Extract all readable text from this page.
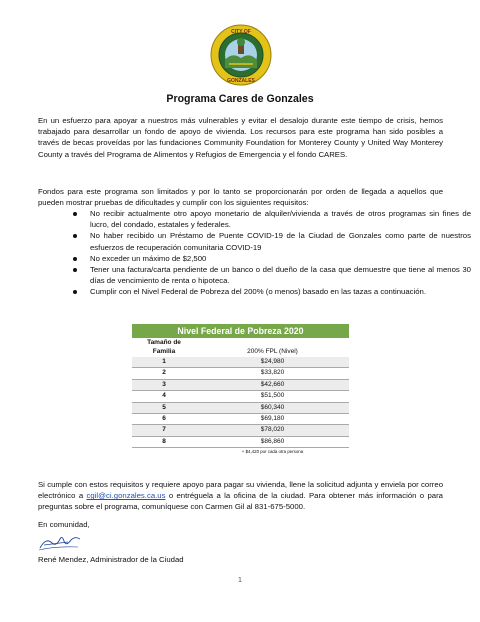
CITY OF
GONZALES
Programa Cares de Gonzales

En un esfuerzo para apoyar a nuestros más vulnerables y evitar el desalojo durante este tiempo de crisis, hemos trabajado para desarrollar un fondo de apoyo de vivienda. Los recursos para este programa han sido posibles a través de becas proveídas por las fundaciones Community Foundation for Monterey County y United Way Monterey County a través del Programa de Alimentos y Refugios de Emergencia y el fondo CARES.

Fondos para este programa son limitados y por lo tanto se proporcionarán por orden de llegada a aquellos que pueden mostrar pruebas de dificultades y cumplir con los siguientes requisitos:

No recibir actualmente otro apoyo monetario de alquiler/vivienda a través de otros programas sin fines de lucro, del condado, estatales y federales.
No haber recibido un Préstamo de Puente COVID-19 de la Ciudad de Gonzales como parte de nuestros esfuerzos de recuperación comunitaria COVID-19
No exceder un máximo de $2,500
Tener una factura/carta pendiente de un banco o del dueño de la casa que demuestre que tiene al menos 30 días de vencimiento de renta o hipoteca.
Cumplir con el Nivel Federal de Pobreza del 200% (o menos) basado en las tazas a continuación.
Nivel Federal de Pobreza 2020	

Tamaño de
Familia	200% FPL (Nivel)
1	$24,980
2	$33,820
3	$42,660
4	$51,500
5	$60,340
6	$69,180
7	$78,020
8	$86,860
+ $4,420 por cada otra persona	

Si cumple con estos requisitos y requiere apoyo para pagar su vivienda, llene la solicitud adjunta y enviela por correo electrónico a cgil@ci.gonzales.ca.us o entréguela a la oficina de la ciudad. Para obtener más información o para preguntas sobre el programa, comuníquese con Carmen Gil al 831-675-5000.

En comunidad,

René Mendez, Administrador de la Ciudad

1
